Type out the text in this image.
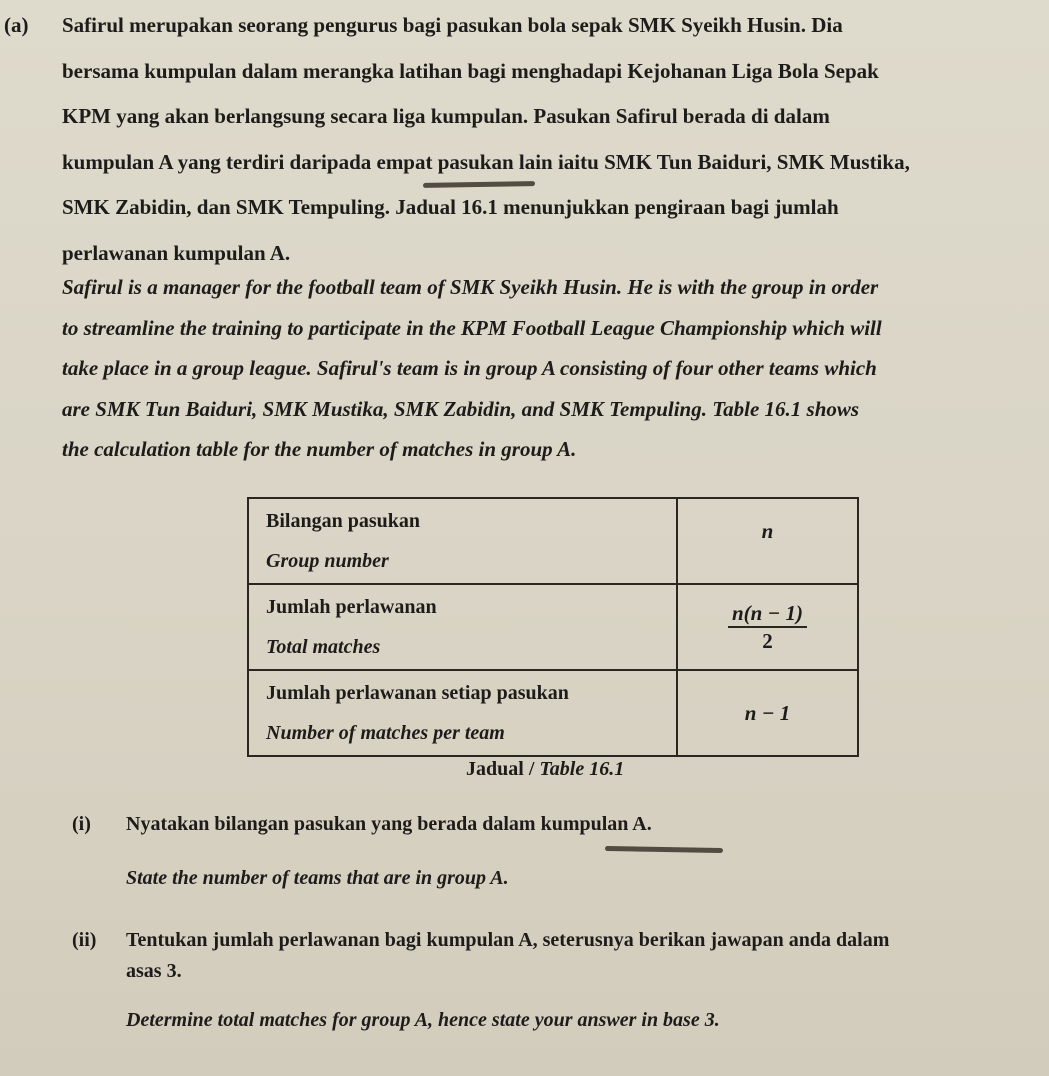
(a) Safirul merupakan seorang pengurus bagi pasukan bola sepak SMK Syeikh Husin. Dia
bersama kumpulan dalam merangka latihan bagi menghadapi Kejohanan Liga Bola Sepak
KPM yang akan berlangsung secara liga kumpulan. Pasukan Safirul berada di dalam
kumpulan A yang terdiri daripada empat pasukan lain iaitu SMK Tun Baiduri, SMK Mustika,
SMK Zabidin, dan SMK Tempuling. Jadual 16.1 menunjukkan pengiraan bagi jumlah
perlawanan kumpulan A.
Safirul is a manager for the football team of SMK Syeikh Husin. He is with the group in order
to streamline the training to participate in the KPM Football League Championship which will
take place in a group league. Safirul's team is in group A consisting of four other teams which
are SMK Tun Baiduri, SMK Mustika, SMK Zabidin, and SMK Tempuling. Table 16.1 shows
the calculation table for the number of matches in group A.
Bilangan pasukan
Group number	n

Jumlah perlawanan
Total matches	$\frac{n(n - 1)}{2}$

Jumlah perlawanan setiap pasukan
Number of matches per team	n − 1
Jadual / Table 16.1
(i) Nyatakan bilangan pasukan yang berada dalam kumpulan A.
State the number of teams that are in group A.
(ii) Tentukan jumlah perlawanan bagi kumpulan A, seterusnya berikan jawapan anda dalam
asas 3.
Determine total matches for group A, hence state your answer in base 3.
